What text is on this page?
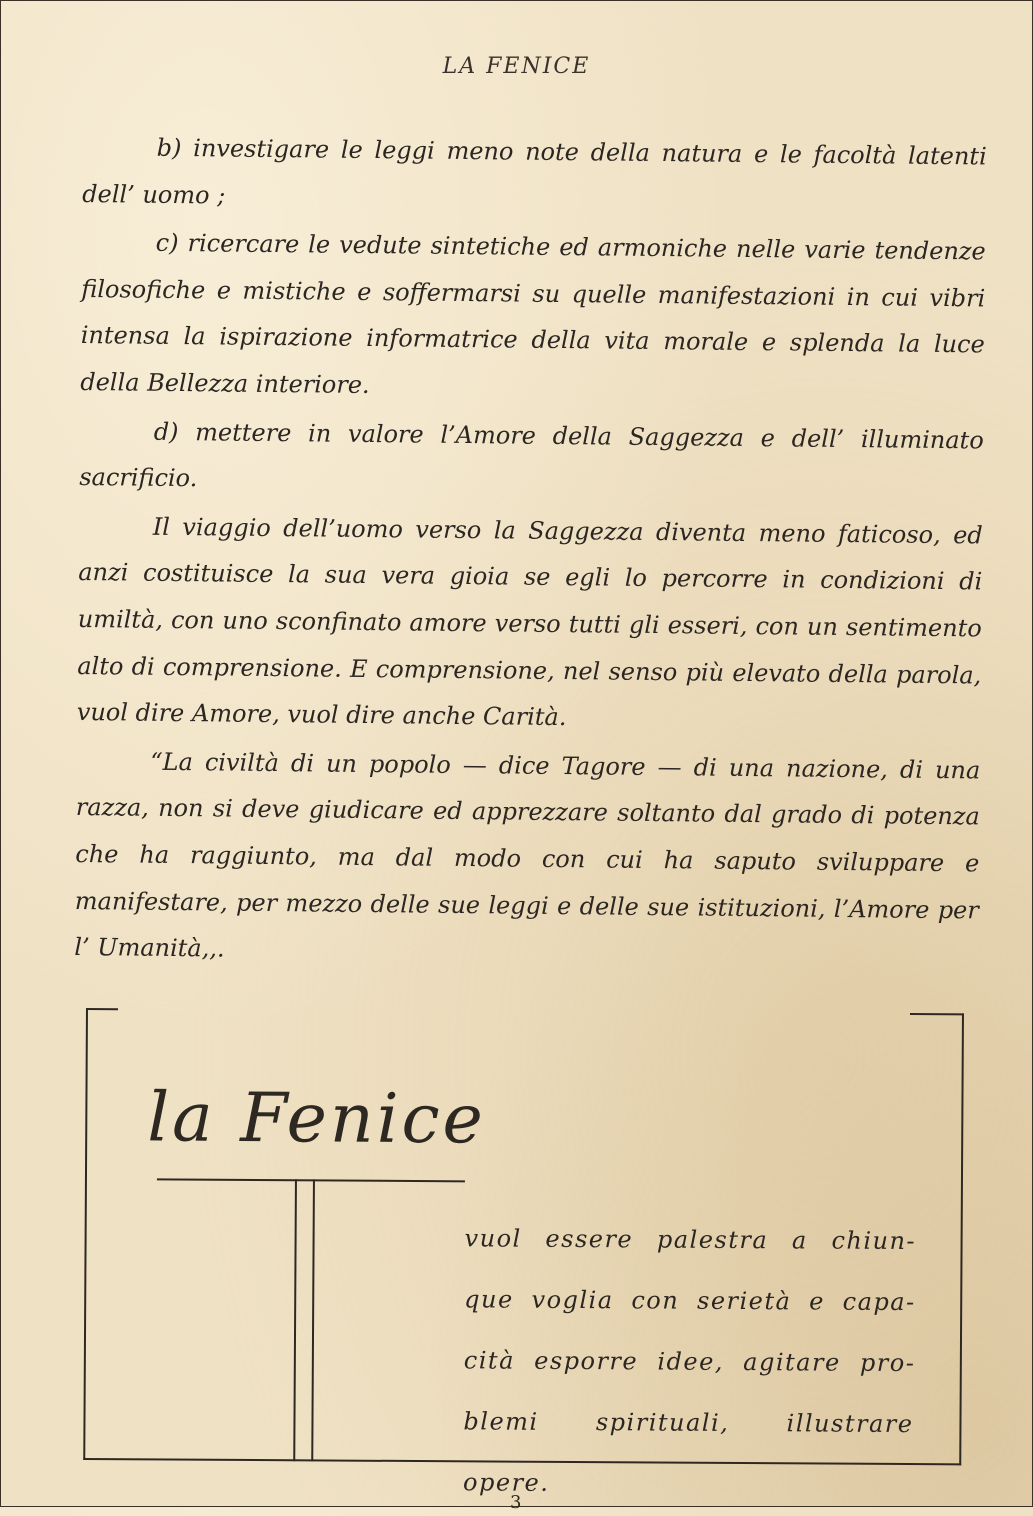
LA FENICE

b) investigare le leggi meno note della natura e le facoltà latenti dell’ uomo ;

c) ricercare le vedute sintetiche ed armoniche nelle varie tendenze filosofiche e mistiche e soffermarsi su quelle manifestazioni in cui vibri intensa la ispirazione informatrice della vita morale e splenda la luce della Bellezza interiore.

d) mettere in valore l’Amore della Saggezza e dell’ illuminato sacrificio.

Il viaggio dell’uomo verso la Saggezza diventa meno faticoso, ed anzi costituisce la sua vera gioia se egli lo percorre in condizioni di umiltà, con uno sconfinato amore verso tutti gli esseri, con un sentimento alto di comprensione. E comprensione, nel senso più elevato della parola, vuol dire Amore, vuol dire anche Carità.

“La civiltà di un popolo — dice Tagore — di una nazione, di una razza, non si deve giudicare ed apprezzare soltanto dal grado di potenza che ha raggiunto, ma dal modo con cui ha saputo sviluppare e manifestare, per mezzo delle sue leggi e delle sue istituzioni, l’Amore per l’ Umanità,,.

la Fenice
vuol essere palestra a chiunque voglia con serietà e capacità esporre idee, agitare problemi spirituali, illustrare opere.
3
